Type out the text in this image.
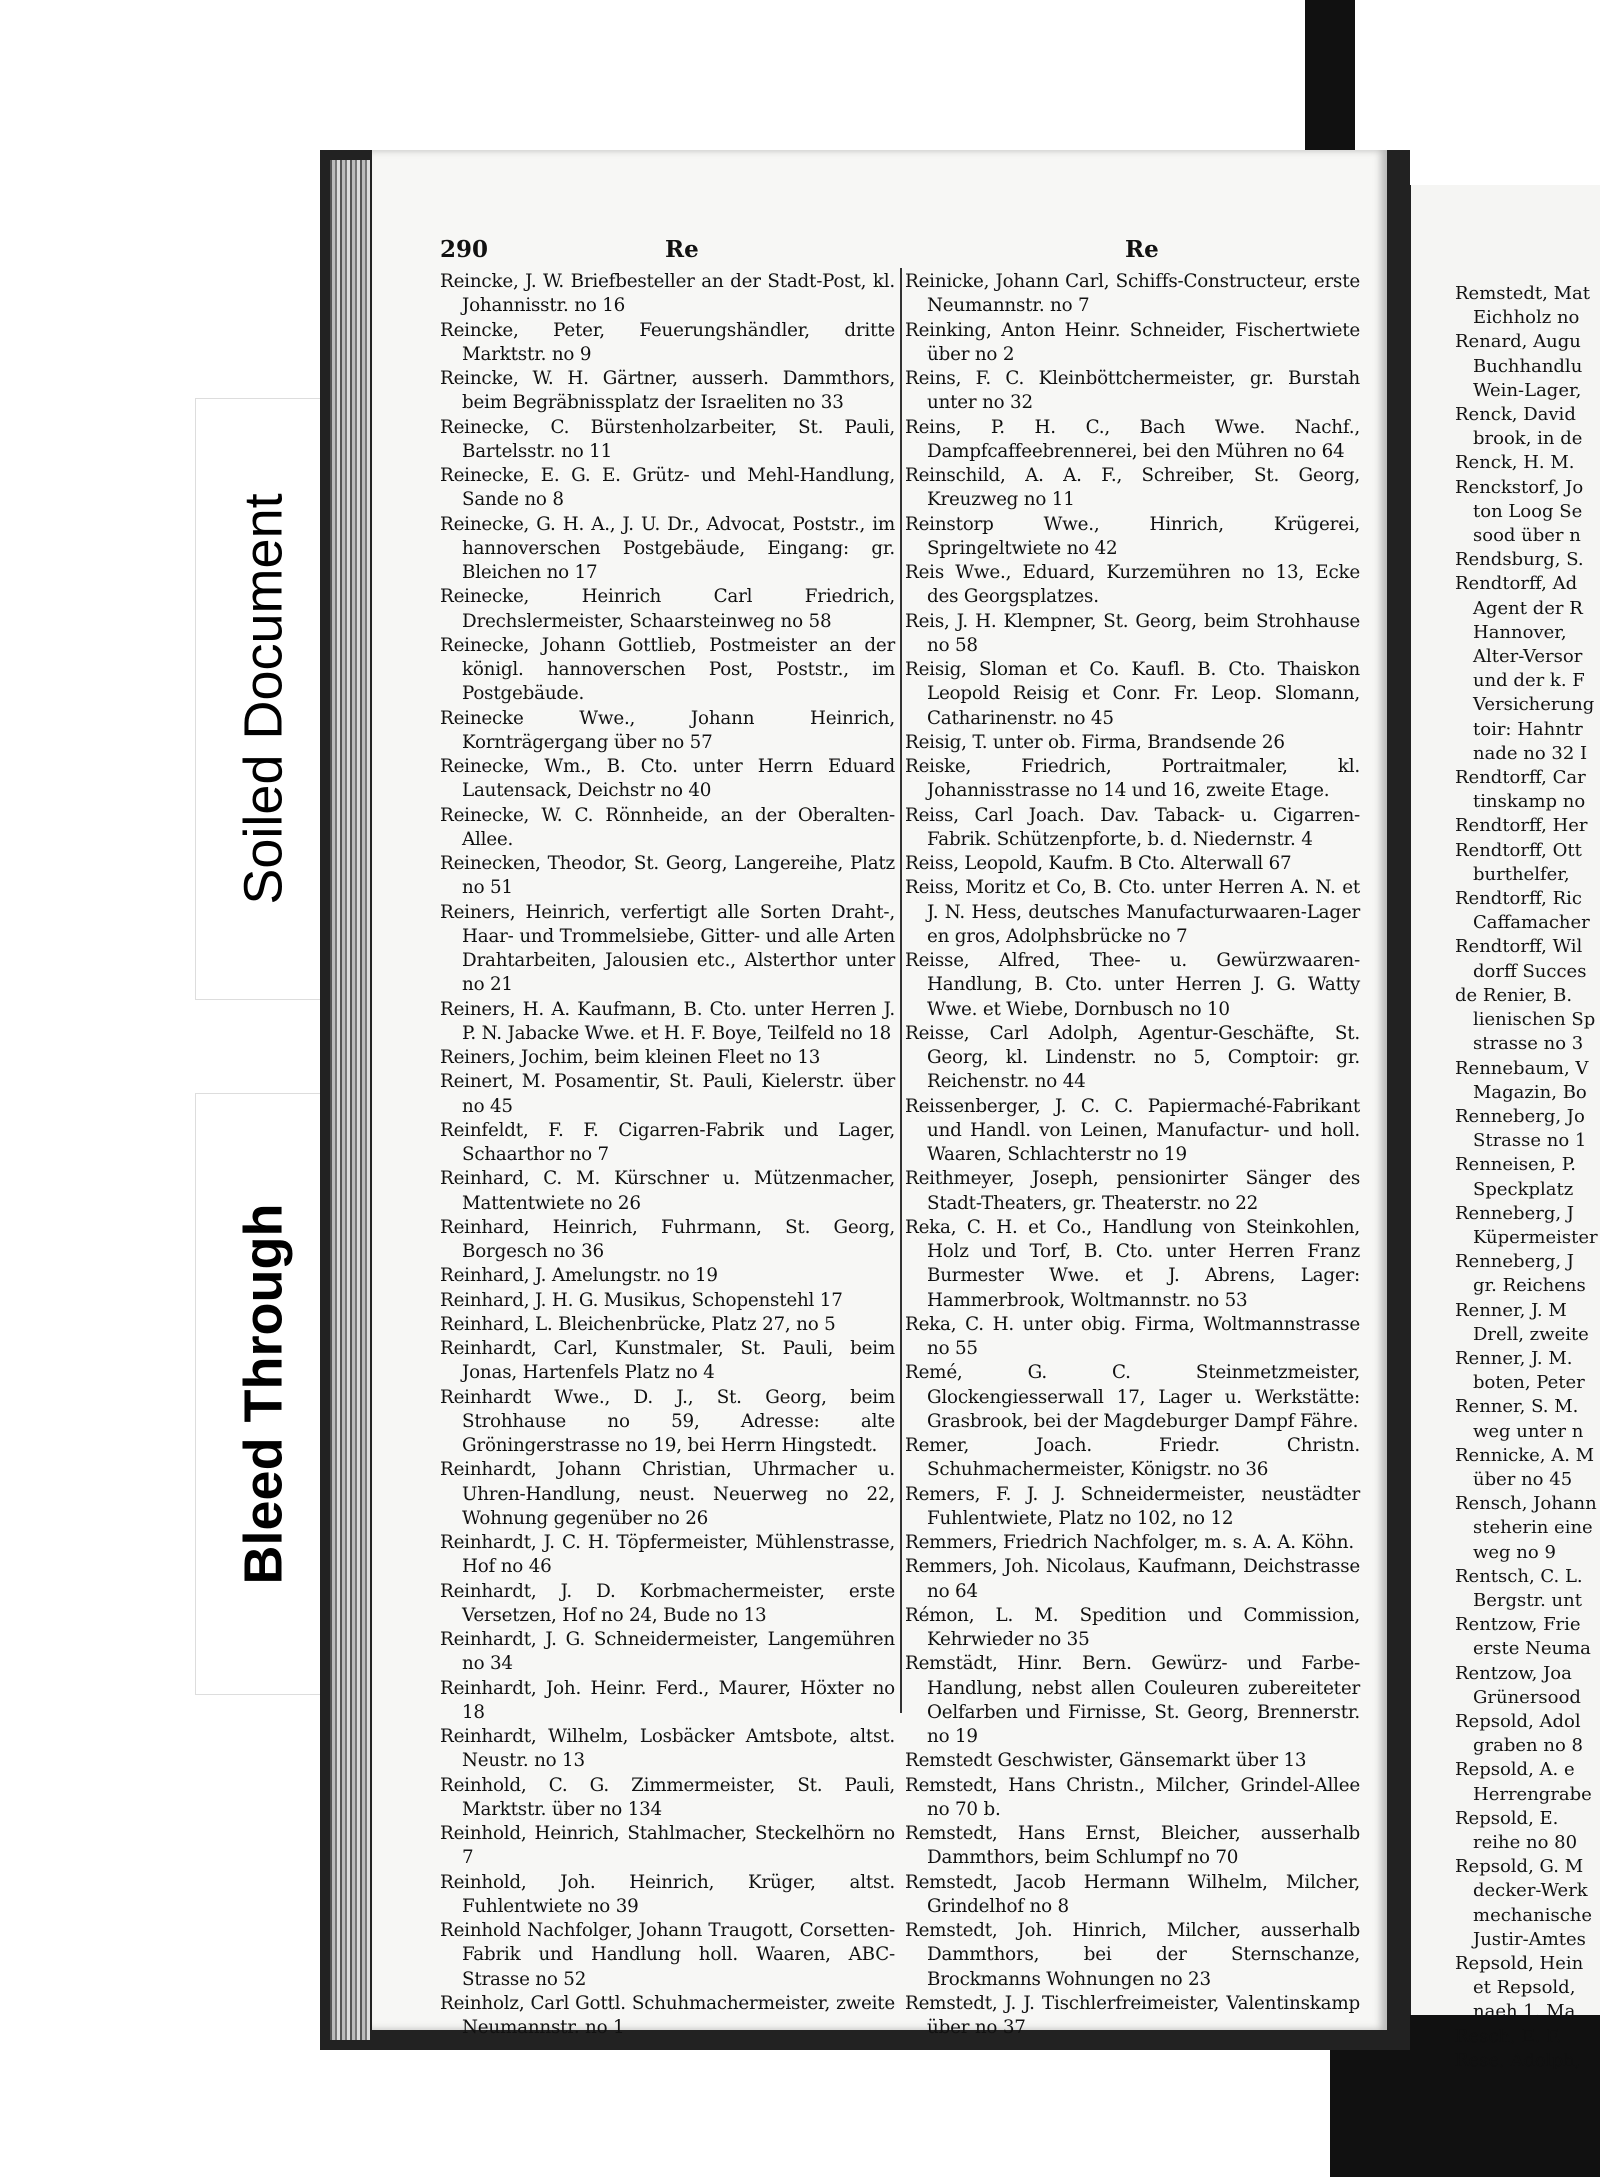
Soiled Document
Bleed Through
290	Re	Re
Reincke, J. W. Briefbesteller an der Stadt-Post, kl. Johannisstr. no 16
Reincke, Peter, Feuerungshändler, dritte Marktstr. no 9
Reincke, W. H. Gärtner, ausserh. Dammthors, beim Begräbnissplatz der Israeliten no 33
Reinecke, C. Bürstenholzarbeiter, St. Pauli, Bartelsstr. no 11
Reinecke, E. G. E. Grütz- und Mehl-Handlung, Sande no 8
Reinecke, G. H. A., J. U. Dr., Advocat, Poststr., im hannoverschen Postgebäude, Eingang: gr. Bleichen no 17
Reinecke, Heinrich Carl Friedrich, Drechslermeister, Schaarsteinweg no 58
Reinecke, Johann Gottlieb, Postmeister an der königl. hannoverschen Post, Poststr., im Postgebäude.
Reinecke Wwe., Johann Heinrich, Kornträgergang über no 57
Reinecke, Wm., B. Cto. unter Herrn Eduard Lautensack, Deichstr no 40
Reinecke, W. C. Rönnheide, an der Oberalten-Allee.
Reinecken, Theodor, St. Georg, Langereihe, Platz no 51
Reiners, Heinrich, verfertigt alle Sorten Draht-, Haar- und Trommelsiebe, Gitter- und alle Arten Drahtarbeiten, Jalousien etc., Alsterthor unter no 21
Reiners, H. A. Kaufmann, B. Cto. unter Herren J. P. N. Jabacke Wwe. et H. F. Boye, Teilfeld no 18
Reiners, Jochim, beim kleinen Fleet no 13
Reinert, M. Posamentir, St. Pauli, Kielerstr. über no 45
Reinfeldt, F. F. Cigarren-Fabrik und Lager, Schaarthor no 7
Reinhard, C. M. Kürschner u. Mützenmacher, Mattentwiete no 26
Reinhard, Heinrich, Fuhrmann, St. Georg, Borgesch no 36
Reinhard, J. Amelungstr. no 19
Reinhard, J. H. G. Musikus, Schopenstehl 17
Reinhard, L. Bleichenbrücke, Platz 27, no 5
Reinhardt, Carl, Kunstmaler, St. Pauli, beim Jonas, Hartenfels Platz no 4
Reinhardt Wwe., D. J., St. Georg, beim Strohhause no 59, Adresse: alte Gröningerstrasse no 19, bei Herrn Hingstedt.
Reinhardt, Johann Christian, Uhrmacher u. Uhren-Handlung, neust. Neuerweg no 22, Wohnung gegenüber no 26
Reinhardt, J. C. H. Töpfermeister, Mühlenstrasse, Hof no 46
Reinhardt, J. D. Korbmachermeister, erste Versetzen, Hof no 24, Bude no 13
Reinhardt, J. G. Schneidermeister, Langemühren no 34
Reinhardt, Joh. Heinr. Ferd., Maurer, Höxter no 18
Reinhardt, Wilhelm, Losbäcker Amtsbote, altst. Neustr. no 13
Reinhold, C. G. Zimmermeister, St. Pauli, Marktstr. über no 134
Reinhold, Heinrich, Stahlmacher, Steckelhörn no 7
Reinhold, Joh. Heinrich, Krüger, altst. Fuhlentwiete no 39
Reinhold Nachfolger, Johann Traugott, Corsetten-Fabrik und Handlung holl. Waaren, ABC-Strasse no 52
Reinholz, Carl Gottl. Schuhmachermeister, zweite Neumannstr. no 1
Reinicke, Johann Carl, Schiffs-Constructeur, erste Neumannstr. no 7
Reinking, Anton Heinr. Schneider, Fischertwiete über no 2
Reins, F. C. Kleinböttchermeister, gr. Burstah unter no 32
Reins, P. H. C., Bach Wwe. Nachf., Dampfcaffeebrennerei, bei den Mühren no 64
Reinschild, A. A. F., Schreiber, St. Georg, Kreuzweg no 11
Reinstorp Wwe., Hinrich, Krügerei, Springeltwiete no 42
Reis Wwe., Eduard, Kurzemühren no 13, Ecke des Georgsplatzes.
Reis, J. H. Klempner, St. Georg, beim Strohhause no 58
Reisig, Sloman et Co. Kaufl. B. Cto. Thaiskon Leopold Reisig et Conr. Fr. Leop. Slomann, Catharinenstr. no 45
Reisig, T. unter ob. Firma, Brandsende 26
Reiske, Friedrich, Portraitmaler, kl. Johannisstrasse no 14 und 16, zweite Etage.
Reiss, Carl Joach. Dav. Taback- u. Cigarren-Fabrik. Schützenpforte, b. d. Niedernstr. 4
Reiss, Leopold, Kaufm. B Cto. Alterwall 67
Reiss, Moritz et Co, B. Cto. unter Herren A. N. et J. N. Hess, deutsches Manufacturwaaren-Lager en gros, Adolphsbrücke no 7
Reisse, Alfred, Thee- u. Gewürzwaaren-Handlung, B. Cto. unter Herren J. G. Watty Wwe. et Wiebe, Dornbusch no 10
Reisse, Carl Adolph, Agentur-Geschäfte, St. Georg, kl. Lindenstr. no 5, Comptoir: gr. Reichenstr. no 44
Reissenberger, J. C. C. Papiermaché-Fabrikant und Handl. von Leinen, Manufactur- und holl. Waaren, Schlachterstr no 19
Reithmeyer, Joseph, pensionirter Sänger des Stadt-Theaters, gr. Theaterstr. no 22
Reka, C. H. et Co., Handlung von Steinkohlen, Holz und Torf, B. Cto. unter Herren Franz Burmester Wwe. et J. Abrens, Lager: Hammerbrook, Woltmannstr. no 53
Reka, C. H. unter obig. Firma, Woltmannstrasse no 55
Remé, G. C. Steinmetzmeister, Glockengiesserwall 17, Lager u. Werkstätte: Grasbrook, bei der Magdeburger Dampf Fähre.
Remer, Joach. Friedr. Christn. Schuhmachermeister, Königstr. no 36
Remers, F. J. J. Schneidermeister, neustädter Fuhlentwiete, Platz no 102, no 12
Remmers, Friedrich Nachfolger, m. s. A. A. Köhn.
Remmers, Joh. Nicolaus, Kaufmann, Deichstrasse no 64
Rémon, L. M. Spedition und Commission, Kehrwieder no 35
Remstädt, Hinr. Bern. Gewürz- und Farbe-Handlung, nebst allen Couleuren zubereiteter Oelfarben und Firnisse, St. Georg, Brennerstr. no 19
Remstedt Geschwister, Gänsemarkt über 13
Remstedt, Hans Christn., Milcher, Grindel-Allee no 70 b.
Remstedt, Hans Ernst, Bleicher, ausserhalb Dammthors, beim Schlumpf no 70
Remstedt, Jacob Hermann Wilhelm, Milcher, Grindelhof no 8
Remstedt, Joh. Hinrich, Milcher, ausserhalb Dammthors, bei der Sternschanze, Brockmanns Wohnungen no 23
Remstedt, J. J. Tischlerfreimeister, Valentinskamp über no 37
Remstedt, Mat
Eichholz no
Renard, Augu
Buchhandlu
Wein-Lager,
Renck, David
brook, in de
Renck, H. M.
Renckstorf, Jo
ton Loog Se
sood über n
Rendsburg, S.
Rendtorff, Ad
Agent der R
Hannover,
Alter-Versor
und der k. F
Versicherung
toir: Hahntr
nade no 32 I
Rendtorff, Car
tinskamp no
Rendtorff, Her
Rendtorff, Ott
burthelfer,
Rendtorff, Ric
Caffamacher
Rendtorff, Wil
dorff Succes
de Renier, B.
lienischen Sp
strasse no 3
Rennebaum, V
Magazin, Bo
Renneberg, Jo
Strasse no 1
Renneisen, P.
Speckplatz
Renneberg, J
Küpermeister
Renneberg, J
gr. Reichens
Renner, J. M
Drell, zweite
Renner, J. M.
boten, Peter
Renner, S. M.
weg unter n
Rennicke, A. M
über no 45
Rensch, Johann
steherin eine
weg no 9
Rentsch, C. L.
Bergstr. unt
Rentzow, Frie
erste Neuma
Rentzow, Joa
Grünersood
Repsold, Adol
graben no 8
Repsold, A. e
Herrengrabe
Repsold, E.
reihe no 80
Repsold, G. M
decker-Werk
mechanische
Justir-Amtes
Repsold, Hein
et Repsold,
naeh 1. Ma
Resch, E. F.
Rese, Adolph,
